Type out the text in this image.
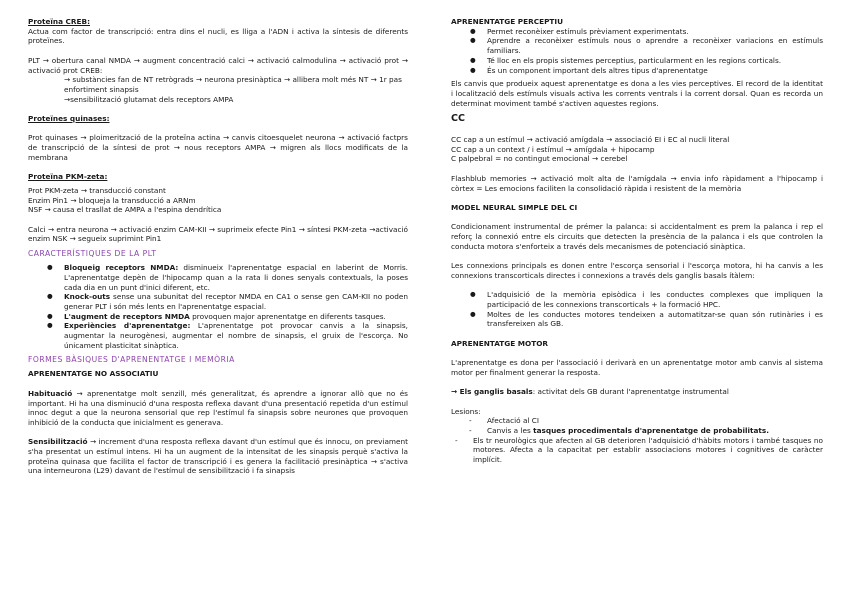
Proteïna CREB:

Actua com factor de transcripció: entra dins el nucli, es lliga a l'ADN i activa la síntesis de diferents proteïnes.

PLT → obertura canal NMDA → augment concentració calci → activació calmodulina → activació prot → activació prot CREB:

→ substàncies fan de NT retrògrads → neurona presinàptica → allibera molt més NT → 1r pas enfortiment sinapsis
→sensibilització glutamat dels receptors AMPA
Proteïnes quinases:

Prot quinases → ploimerització de la proteïna actina → canvis citoesquelet neurona → activació factprs de transcripció de la síntesi de prot → nous receptors AMPA → migren als llocs modificats de la membrana

Proteïna PKM-zeta:
Prot PKM-zeta → transducció constant
Enzim Pin1 → bloqueja la transducció a ARNm
NSF → causa el trasllat de AMPA a l'espina dendrítica

Calci → entra neurona → activació enzim CAM-KII → suprimeix efecte Pin1 → síntesi PKM-zeta →activació enzim NSK → segueix suprimint Pin1

CARACTERÍSTIQUES DE LA PLT
● Bloqueig receptors NMDA: disminueix l'aprenentatge espacial en laberint de Morris. L'aprenentatge depèn de l'hipocamp quan a la rata li dones senyals contextuals, la poses cada dia en un punt d'inici diferent, etc.
● Knock-outs sense una subunitat del receptor NMDA en CA1 o sense gen CAM-KII no poden generar PLT i són més lents en l'aprenentatge espacial.
● L'augment de receptors NMDA provoquen major aprenentatge en diferents tasques.
● Experiències d'aprenentatge: L'aprenentatge pot provocar canvis a la sinapsis, augmentar la neurogènesi, augmentar el nombre de sinapsis, el gruix de l'escorça. No únicament plasticitat sinàptica.
FORMES BÀSIQUES D'APRENENTATGE I MEMÒRIA
APRENENTATGE NO ASSOCIATIU

Habituació → aprenentatge molt senzill, més generalitzat, és aprendre a ignorar allò que no és important. Hi ha una disminució d'una resposta reflexa davant d'una presentació repetida d'un estímul innoc degut a que la neurona sensorial que rep l'estímul fa sinapsis sobre neurones que provoquen inhibició de la conducta que inicialment es generava.

Sensibilització → increment d'una resposta reflexa davant d'un estímul que és innocu, on previament s'ha presentat un estímul intens. Hi ha un augment de la intensitat de les sinapsis perquè s'activa la proteïna quinasa que facilita el factor de transcripció i es genera la facilitació presinàptica → s'activa una interneurona (L29) davant de l'estímul de sensibilització i fa sinapsis

APRENENTATGE PERCEPTIU
● Permet reconèixer estímuls prèviament experimentats.
● Aprendre a reconèixer estímuls nous o aprendre a reconèixer variacions en estímuls familiars.
● Té lloc en els propis sistemes perceptius, particularment en les regions corticals.
● És un component important dels altres tipus d'aprenentatge

Els canvis que produeix aquest aprenentatge es dona a les vies perceptives. El record de la identitat i localització dels estímuls visuals activa les corrents ventrals i la corrent dorsal. Quan es recorda un determinat moviment també s'activen aquestes regions.

CC
CC cap a un estímul → activació amígdala → associació EI i EC al nucli literal
CC cap a un context / i estímul → amígdala + hipocamp
C palpebral = no contingut emocional → cerebel

Flashblub memories → activació molt alta de l'amígdala → envia info ràpidament a l'hipocamp i còrtex = Les emocions faciliten la consolidació ràpida i resistent de la memòria

MODEL NEURAL SIMPLE DEL CI

Condicionament instrumental de prémer la palanca: si accidentalment es prem la palanca i rep el reforç la connexió entre els circuits que detecten la presència de la palanca i els que controlen la conducta motora s'enforteix a través dels mecanismes de potenciació sinàptica.

Les connexions principals es donen entre l'escorça sensorial i l'escorça motora, hi ha canvis a les connexions transcorticals directes i connexions a través dels ganglis basals ítàlem:

● L'adquisició de la memòria episòdica i les conductes complexes que impliquen la participació de les connexions transcorticals + la formació HPC.
● Moltes de les conductes motores tendeixen a automatitzar-se quan són rutinàries i es transfereixen als GB.
APRENENTATGE MOTOR

L'aprenentatge es dona per l'associació i derivarà en un aprenentatge motor amb canvis al sistema motor per finalment generar la resposta.

→ Els ganglis basals: activitat dels GB durant l'aprenentatge instrumental
Lesions:
- Afectació al CI
- Canvis a les tasques procedimentals d'aprenentatge de probabilitats.
- Els tr neurològics que afecten al GB deterioren l'adquisició d'hàbits motors i també tasques no motores. Afecta a la capacitat per establir associacions motores i cognitives de caràcter implícit.
